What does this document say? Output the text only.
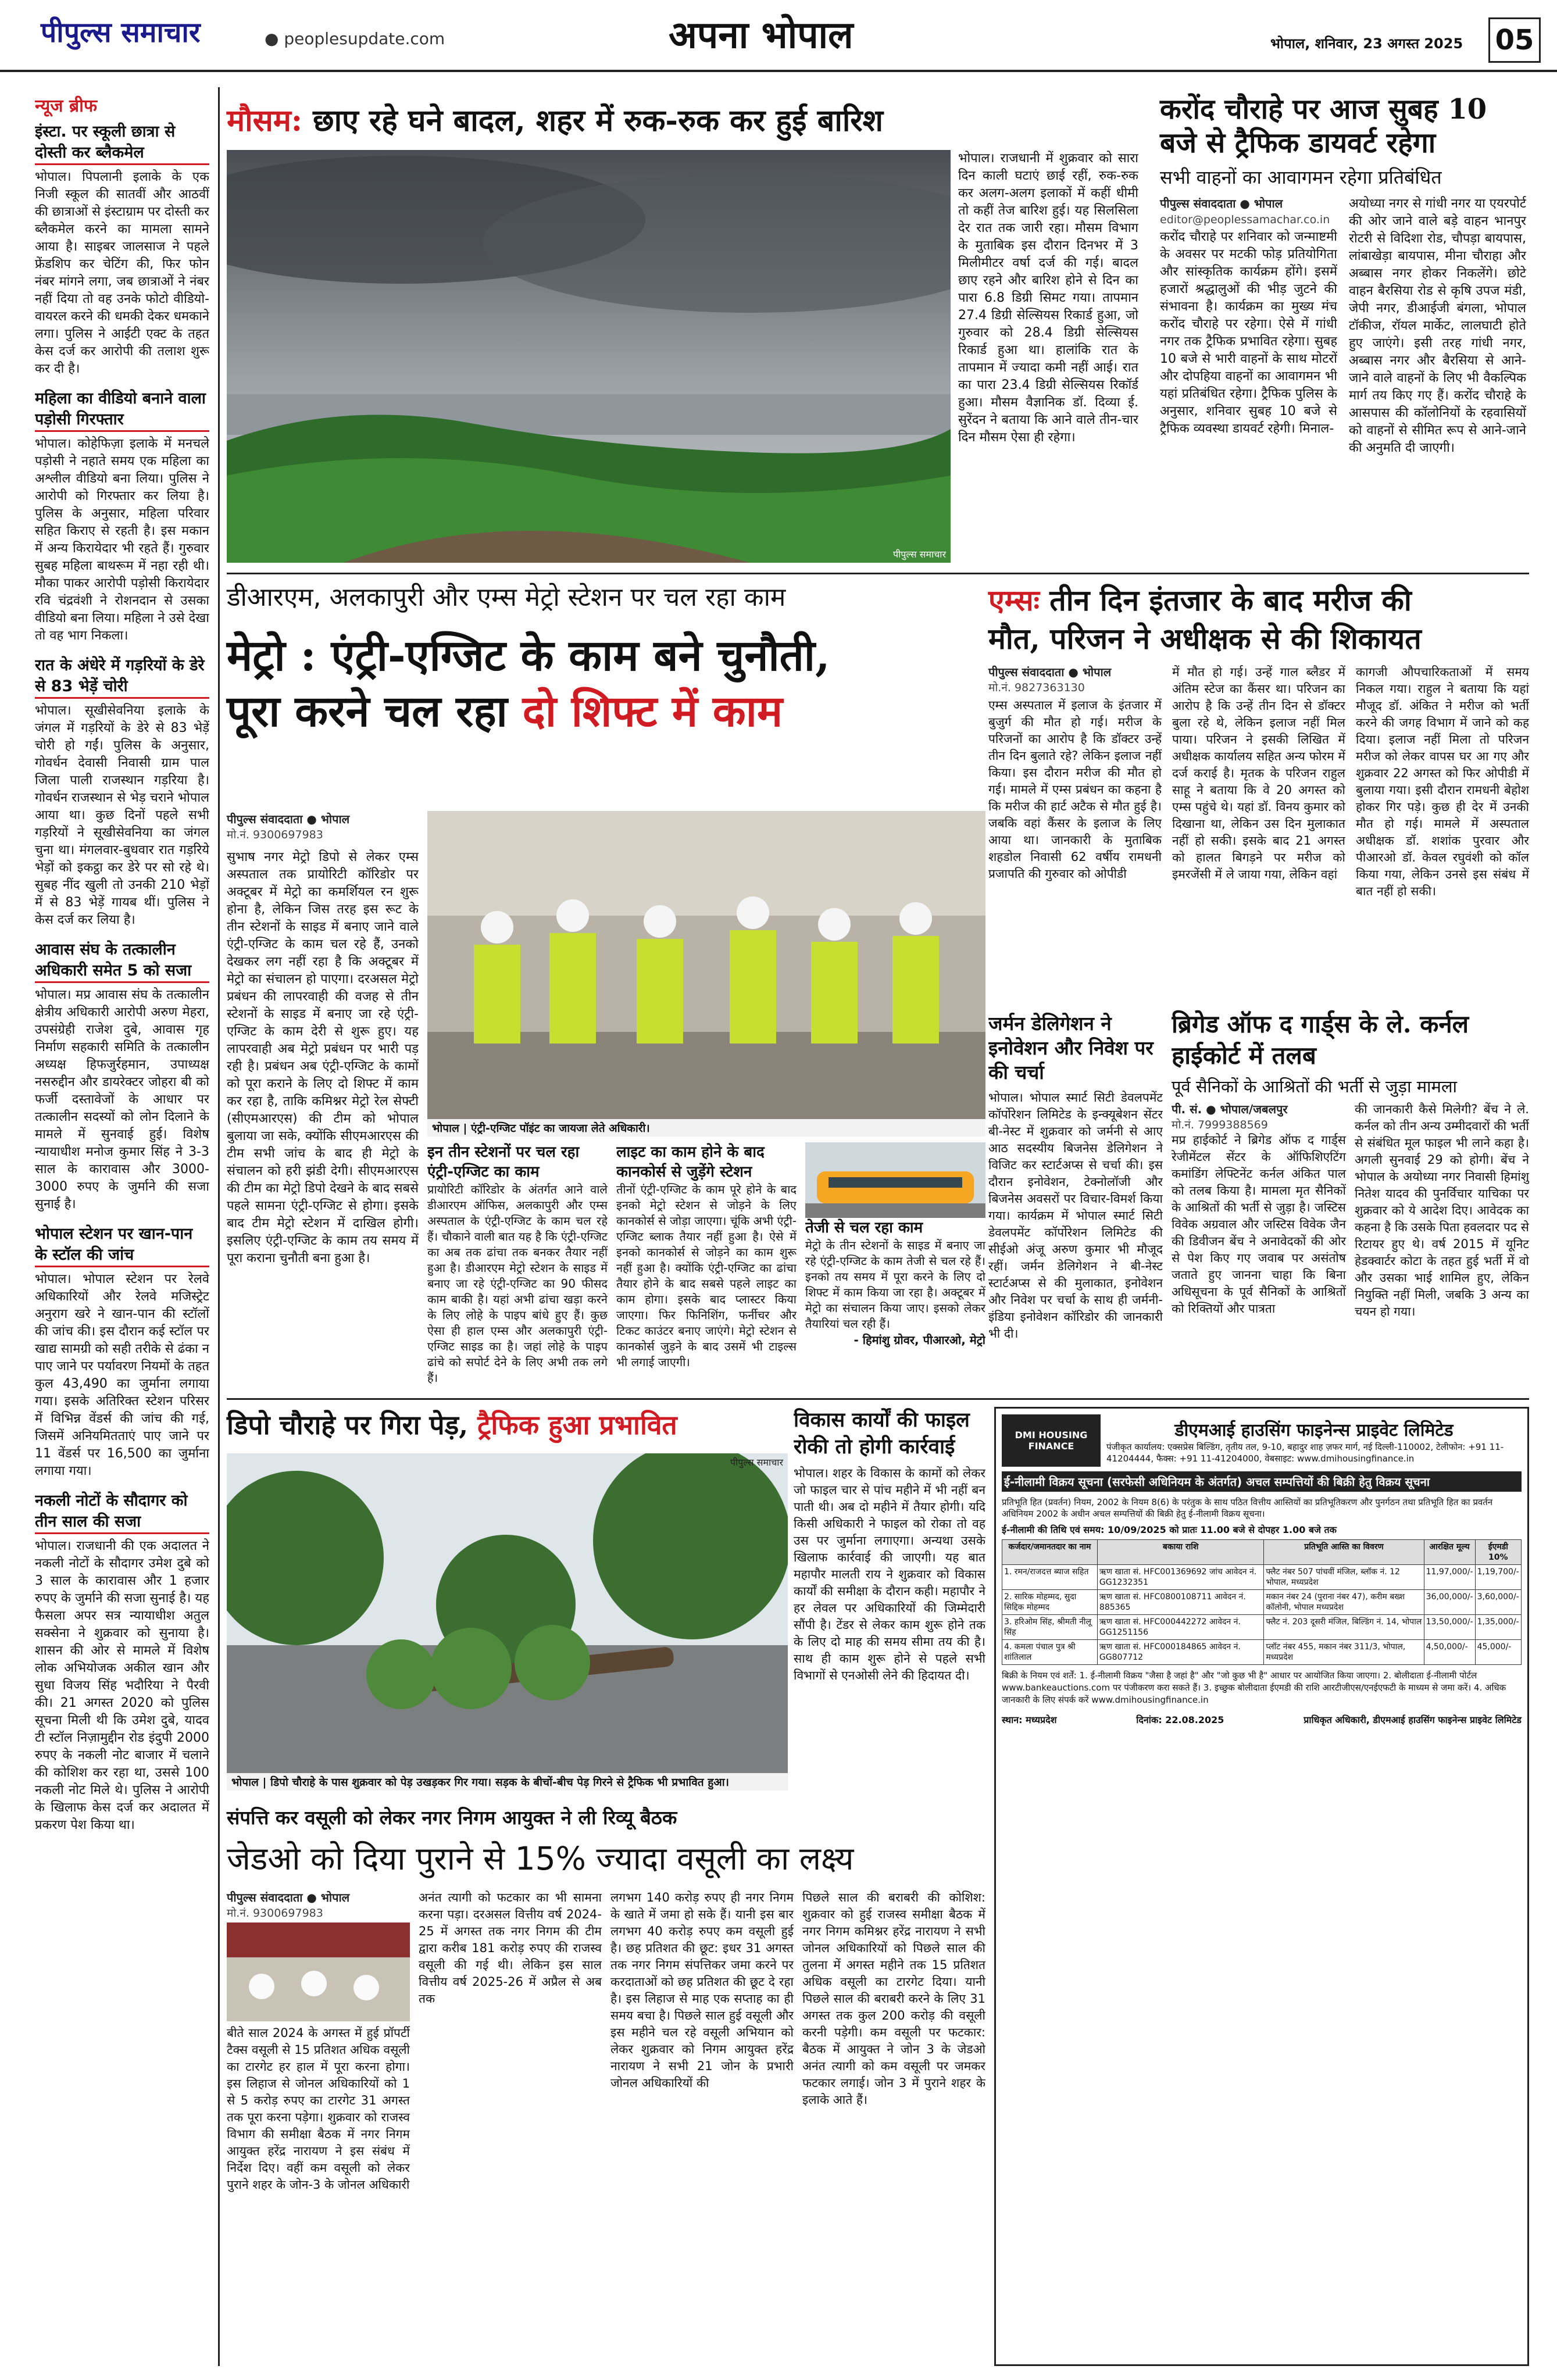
पीपुल्स समाचार	● peoplesupdate.com	अपना भोपाल	भोपाल, शनिवार, 23 अगस्त 2025 05
न्यूज ब्रीफ
इंस्टा. पर स्कूली छात्रा से दोस्ती कर ब्लैकमेल

भोपाल। पिपलानी इलाके के एक निजी स्कूल की सातवीं और आठवीं की छात्राओं से इंस्टाग्राम पर दोस्ती कर ब्लैकमेल करने का मामला सामने आया है। साइबर जालसाज ने पहले फ्रेंडशिप कर चेटिंग की, फिर फोन नंबर मांगने लगा, जब छात्राओं ने नंबर नहीं दिया तो वह उनके फोटो वीडियो-वायरल करने की धमकी देकर धमकाने लगा। पुलिस ने आईटी एक्ट के तहत केस दर्ज कर आरोपी की तलाश शुरू कर दी है।

महिला का वीडियो बनाने वाला पड़ोसी गिरफ्तार

भोपाल। कोहेफिज़ा इलाके में मनचले पड़ोसी ने नहाते समय एक महिला का अश्लील वीडियो बना लिया। पुलिस ने आरोपी को गिरफ्तार कर लिया है। पुलिस के अनुसार, महिला परिवार सहित किराए से रहती है। इस मकान में अन्य किरायेदार भी रहते हैं। गुरुवार सुबह महिला बाथरूम में नहा रही थी। मौका पाकर आरोपी पड़ोसी किरायेदार रवि चंद्रवंशी ने रोशनदान से उसका वीडियो बना लिया। महिला ने उसे देखा तो वह भाग निकला।

रात के अंधेरे में गड़रियों के डेरे से 83 भेड़ें चोरी

भोपाल। सूखीसेवनिया इलाके के जंगल में गड़रियों के डेरे से 83 भेड़ें चोरी हो गईं। पुलिस के अनुसार, गोवर्धन देवासी निवासी ग्राम पाल जिला पाली राजस्थान गड़रिया है। गोवर्धन राजस्थान से भेड़ चराने भोपाल आया था। कुछ दिनों पहले सभी गड़रियों ने सूखीसेवनिया का जंगल चुना था। मंगलवार-बुधवार रात गड़रिये भेड़ों को इकट्ठा कर डेरे पर सो रहे थे। सुबह नींद खुली तो उनकी 210 भेड़ों में से 83 भेड़ें गायब थीं। पुलिस ने केस दर्ज कर लिया है।

आवास संघ के तत्कालीन अधिकारी समेत 5 को सजा

भोपाल। मप्र आवास संघ के तत्कालीन क्षेत्रीय अधिकारी आरोपी अरुण मेहरा, उपसंग्रेही राजेश दुबे, आवास गृह निर्माण सहकारी समिति के तत्कालीन अध्यक्ष हिफजुर्रहमान, उपाध्यक्ष नसरुद्दीन और डायरेक्टर जोहरा बी को फर्जी दस्तावेजों के आधार पर तत्कालीन सदस्यों को लोन दिलाने के मामले में सुनवाई हुई। विशेष न्यायाधीश मनोज कुमार सिंह ने 3-3 साल के कारावास और 3000-3000 रुपए के जुर्माने की सजा सुनाई है।

भोपाल स्टेशन पर खान-पान के स्टॉल की जांच

भोपाल। भोपाल स्टेशन पर रेलवे अधिकारियों और रेलवे मजिस्ट्रेट अनुराग खरे ने खान-पान की स्टॉलों की जांच की। इस दौरान कई स्टॉल पर खाद्य सामग्री को सही तरीके से ढंका न पाए जाने पर पर्यावरण नियमों के तहत कुल 43,490 का जुर्माना लगाया गया। इसके अतिरिक्त स्टेशन परिसर में विभिन्न वेंडर्स की जांच की गई, जिसमें अनियमितताएं पाए जाने पर 11 वेंडर्स पर 16,500 का जुर्माना लगाया गया।

नकली नोटों के सौदागर को तीन साल की सजा

भोपाल। राजधानी की एक अदालत ने नकली नोटों के सौदागर उमेश दुबे को 3 साल के कारावास और 1 हजार रुपए के जुर्माने की सजा सुनाई है। यह फैसला अपर सत्र न्यायाधीश अतुल सक्सेना ने शुक्रवार को सुनाया है। शासन की ओर से मामले में विशेष लोक अभियोजक अकील खान और सुधा विजय सिंह भदौरिया ने पैरवी की। 21 अगस्त 2020 को पुलिस सूचना मिली थी कि उमेश दुबे, यादव टी स्टॉल निज़ामुद्दीन रोड इंदुपी 2000 रुपए के नकली नोट बाजार में चलाने की कोशिश कर रहा था, उससे 100 नकली नोट मिले थे। पुलिस ने आरोपी के खिलाफ केस दर्ज कर अदालत में प्रकरण पेश किया था।

मौसम: छाए रहे घने बादल, शहर में रुक-रुक कर हुई बारिश
पीपुल्स समाचार

भोपाल। राजधानी में शुक्रवार को सारा दिन काली घटाएं छाई रहीं, रुक-रुक कर अलग-अलग इलाकों में कहीं धीमी तो कहीं तेज बारिश हुई। यह सिलसिला देर रात तक जारी रहा। मौसम विभाग के मुताबिक इस दौरान दिनभर में 3 मिलीमीटर वर्षा दर्ज की गई। बादल छाए रहने और बारिश होने से दिन का पारा 6.8 डिग्री सिमट गया। तापमान 27.4 डिग्री सेल्सियस रिकार्ड हुआ, जो गुरुवार को 28.4 डिग्री सेल्सियस रिकार्ड हुआ था। हालांकि रात के तापमान में ज्यादा कमी नहीं आई। रात का पारा 23.4 डिग्री सेल्सियस रिकॉर्ड हुआ। मौसम वैज्ञानिक डॉ. दिव्या ई. सुरेंदन ने बताया कि आने वाले तीन-चार दिन मौसम ऐसा ही रहेगा।

करोंद चौराहे पर आज सुबह 10 बजे से ट्रैफिक डायवर्ट रहेगा
सभी वाहनों का आवागमन रहेगा प्रतिबंधित
पीपुल्स संवाददाता ● भोपाल
editor@peoplessamachar.co.in

करोंद चौराहे पर शनिवार को जन्माष्टमी के अवसर पर मटकी फोड़ प्रतियोगिता और सांस्कृतिक कार्यक्रम होंगे। इसमें हजारों श्रद्धालुओं की भीड़ जुटने की संभावना है। कार्यक्रम का मुख्य मंच करोंद चौराहे पर रहेगा। ऐसे में गांधी नगर तक ट्रैफिक प्रभावित रहेगा। सुबह 10 बजे से भारी वाहनों के साथ मोटरों और दोपहिया वाहनों का आवागमन भी यहां प्रतिबंधित रहेगा। ट्रैफिक पुलिस के अनुसार, शनिवार सुबह 10 बजे से ट्रैफिक व्यवस्था डायवर्ट रहेगी। मिनाल-

अयोध्या नगर से गांधी नगर या एयरपोर्ट की ओर जाने वाले बड़े वाहन भानपुर रोटरी से विदिशा रोड, चौपड़ा बायपास, लांबाखेड़ा बायपास, मीना चौराहा और अब्बास नगर होकर निकलेंगे। छोटे वाहन बैरसिया रोड से कृषि उपज मंडी, जेपी नगर, डीआईजी बंगला, भोपाल टॉकीज, रॉयल मार्केट, लालघाटी होते हुए जाएंगे। इसी तरह गांधी नगर, अब्बास नगर और बैरसिया से आने-जाने वाले वाहनों के लिए भी वैकल्पिक मार्ग तय किए गए हैं। करोंद चौराहे के आसपास की कॉलोनियों के रहवासियों को वाहनों से सीमित रूप से आने-जाने की अनुमति दी जाएगी।

डीआरएम, अलकापुरी और एम्स मेट्रो स्टेशन पर चल रहा काम
मेट्रो : एंट्री-एग्जिट के काम बने चुनौती,
पूरा करने चल रहा दो शिफ्ट में काम
पीपुल्स संवाददाता ● भोपाल
मो.नं. 9300697983

सुभाष नगर मेट्रो डिपो से लेकर एम्स अस्पताल तक प्रायोरिटी कॉरिडोर पर अक्टूबर में मेट्रो का कमर्शियल रन शुरू होना है, लेकिन जिस तरह इस रूट के तीन स्टेशनों के साइड में बनाए जाने वाले एंट्री-एग्जिट के काम चल रहे हैं, उनको देखकर लग नहीं रहा है कि अक्टूबर में मेट्रो का संचालन हो पाएगा। दरअसल मेट्रो प्रबंधन की लापरवाही की वजह से तीन स्टेशनों के साइड में बनाए जा रहे एंट्री-एग्जिट के काम देरी से शुरू हुए। यह लापरवाही अब मेट्रो प्रबंधन पर भारी पड़ रही है। प्रबंधन अब एंट्री-एग्जिट के कामों को पूरा कराने के लिए दो शिफ्ट में काम कर रहा है, ताकि कमिश्नर मेट्रो रेल सेफ्टी (सीएमआरएस) की टीम को भोपाल बुलाया जा सके, क्योंकि सीएमआरएस की टीम सभी जांच के बाद ही मेट्रो के संचालन को हरी झंडी देगी। सीएमआरएस की टीम का मेट्रो डिपो देखने के बाद सबसे पहले सामना एंट्री-एग्जिट से होगा। इसके बाद टीम मेट्रो स्टेशन में दाखिल होगी। इसलिए एंट्री-एग्जिट के काम तय समय में पूरा कराना चुनौती बना हुआ है।

भोपाल | एंट्री-एग्जिट पॉइंट का जायजा लेते अधिकारी।
इन तीन स्टेशनों पर चल रहा एंट्री-एग्जिट का काम

प्रायोरिटी कॉरिडोर के अंतर्गत आने वाले डीआरएम ऑफिस, अलकापुरी और एम्स अस्पताल के एंट्री-एग्जिट के काम चल रहे हैं। चौकाने वाली बात यह है कि एंट्री-एग्जिट का अब तक ढांचा तक बनकर तैयार नहीं हुआ है। डीआरएम मेट्रो स्टेशन के साइड में बनाए जा रहे एंट्री-एग्जिट का 90 फीसद काम बाकी है। यहां अभी ढांचा खड़ा करने के लिए लोहे के पाइप बांधे हुए हैं। कुछ ऐसा ही हाल एम्स और अलकापुरी एंट्री-एग्जिट साइड का है। जहां लोहे के पाइप ढांचे को सपोर्ट देने के लिए अभी तक लगे हैं।

लाइट का काम होने के बाद कानकोर्स से जुड़ेंगे स्टेशन

तीनों एंट्री-एग्जिट के काम पूरे होने के बाद इनको मेट्रो स्टेशन से जोड़ने के लिए कानकोर्स से जोड़ा जाएगा। चूंकि अभी एंट्री-एग्जिट ब्लाक तैयार नहीं हुआ है। ऐसे में इनको कानकोर्स से जोड़ने का काम शुरू नहीं हुआ है। क्योंकि एंट्री-एग्जिट का ढांचा तैयार होने के बाद सबसे पहले लाइट का काम होगा। इसके बाद प्लास्टर किया जाएगा। फिर फिनिशिंग, फर्नीचर और टिकट काउंटर बनाए जाएंगे। मेट्रो स्टेशन से कानकोर्स जुड़ने के बाद उसमें भी टाइल्स भी लगाई जाएगी।

तेजी से चल रहा काम

मेट्रो के तीन स्टेशनों के साइड में बनाए जा रहे एंट्री-एग्जिट के काम तेजी से चल रहे हैं। इनको तय समय में पूरा करने के लिए दो शिफ्ट में काम किया जा रहा है। अक्टूबर में मेट्रो का संचालन किया जाए। इसको लेकर तैयारियां चल रही हैं।

- हिमांशु ग्रोवर, पीआरओ, मेट्रो
एम्सः तीन दिन इंतजार के बाद मरीज की
मौत, परिजन ने अधीक्षक से की शिकायत
पीपुल्स संवाददाता ● भोपाल
मो.नं. 9827363130

एम्स अस्पताल में इलाज के इंतजार में बुजुर्ग की मौत हो गई। मरीज के परिजनों का आरोप है कि डॉक्टर उन्हें तीन दिन बुलाते रहे? लेकिन इलाज नहीं किया। इस दौरान मरीज की मौत हो गई। मामले में एम्स प्रबंधन का कहना है कि मरीज की हार्ट अटैक से मौत हुई है। जबकि वहां कैंसर के इलाज के लिए आया था। जानकारी के मुताबिक शहडोल निवासी 62 वर्षीय रामधनी प्रजापति की गुरुवार को ओपीडी

में मौत हो गई। उन्हें गाल ब्लैडर में अंतिम स्टेज का कैंसर था। परिजन का आरोप है कि उन्हें तीन दिन से डॉक्टर बुला रहे थे, लेकिन इलाज नहीं मिल पाया। परिजन ने इसकी लिखित में अधीक्षक कार्यालय सहित अन्य फोरम में दर्ज कराई है। मृतक के परिजन राहुल साहू ने बताया कि वे 20 अगस्त को एम्स पहुंचे थे। यहां डॉ. विनय कुमार को दिखाना था, लेकिन उस दिन मुलाकात नहीं हो सकी। इसके बाद 21 अगस्त को हालत बिगड़ने पर मरीज को इमरजेंसी में ले जाया गया, लेकिन वहां

कागजी औपचारिकताओं में समय निकल गया। राहुल ने बताया कि यहां मौजूद डॉ. अंकित ने मरीज को भर्ती करने की जगह विभाग में जाने को कह दिया। इलाज नहीं मिला तो परिजन मरीज को लेकर वापस घर आ गए और शुक्रवार 22 अगस्त को फिर ओपीडी में बुलाया गया। इसी दौरान रामधनी बेहोश होकर गिर पड़े। कुछ ही देर में उनकी मौत हो गई। मामले में अस्पताल अधीक्षक डॉ. शशांक पुरवार और पीआरओ डॉ. केवल रघुवंशी को कॉल किया गया, लेकिन उनसे इस संबंध में बात नहीं हो सकी।

जर्मन डेलिगेशन ने इनोवेशन और निवेश पर की चर्चा

भोपाल। भोपाल स्मार्ट सिटी डेवलपमेंट कॉर्पोरेशन लिमिटेड के इन्क्यूबेशन सेंटर बी-नेस्ट में शुक्रवार को जर्मनी से आए आठ सदस्यीय बिजनेस डेलिगेशन ने विजिट कर स्टार्टअप्स से चर्चा की। इस दौरान इनोवेशन, टेक्नोलॉजी और बिजनेस अवसरों पर विचार-विमर्श किया गया। कार्यक्रम में भोपाल स्मार्ट सिटी डेवलपमेंट कॉर्पोरेशन लिमिटेड की सीईओ अंजू अरुण कुमार भी मौजूद रहीं। जर्मन डेलिगेशन ने बी-नेस्ट स्टार्टअप्स से की मुलाकात, इनोवेशन और निवेश पर चर्चा के साथ ही जर्मनी-इंडिया इनोवेशन कॉरिडोर की जानकारी भी दी।

ब्रिगेड ऑफ द गार्ड्स के ले. कर्नल हाईकोर्ट में तलब
पूर्व सैनिकों के आश्रितों की भर्ती से जुड़ा मामला
पी. सं. ● भोपाल/जबलपुर
मो.नं. 7999388569

मप्र हाईकोर्ट ने ब्रिगेड ऑफ द गार्ड्स रेजीमेंटल सेंटर के ऑफिशिएटिंग कमांडिंग लेफ्टिनेंट कर्नल अंकित पाल को तलब किया है। मामला मृत सैनिकों के आश्रितों की भर्ती से जुड़ा है। जस्टिस विवेक अग्रवाल और जस्टिस विवेक जैन की डिवीजन बेंच ने अनावेदकों की ओर से पेश किए गए जवाब पर असंतोष जताते हुए जानना चाहा कि बिना अधिसूचना के पूर्व सैनिकों के आश्रितों को रिक्तियों और पात्रता

की जानकारी कैसे मिलेगी? बेंच ने ले. कर्नल को तीन अन्य उम्मीदवारों की भर्ती से संबंधित मूल फाइल भी लाने कहा है। अगली सुनवाई 29 को होगी। बेंच ने भोपाल के अयोध्या नगर निवासी हिमांशु नितेश यादव की पुनर्विचार याचिका पर शुक्रवार को ये आदेश दिए। आवेदक का कहना है कि उसके पिता हवलदार पद से रिटायर हुए थे। वर्ष 2015 में यूनिट हेडक्वार्टर कोटा के तहत हुई भर्ती में वो और उसका भाई शामिल हुए, लेकिन नियुक्ति नहीं मिली, जबकि 3 अन्य का चयन हो गया।

डिपो चौराहे पर गिरा पेड़, ट्रैफिक हुआ प्रभावित
पीपुल्स समाचार
भोपाल | डिपो चौराहे के पास शुक्रवार को पेड़ उखड़कर गिर गया। सड़क के बीचों-बीच पेड़ गिरने से ट्रैफिक भी प्रभावित हुआ।
विकास कार्यों की फाइल रोकी तो होगी कार्रवाई

भोपाल। शहर के विकास के कामों को लेकर जो फाइल चार से पांच महीने में भी नहीं बन पाती थी। अब दो महीने में तैयार होगी। यदि किसी अधिकारी ने फाइल को रोका तो वह उस पर जुर्माना लगाएगा। अन्यथा उसके खिलाफ कार्रवाई की जाएगी। यह बात महापौर मालती राय ने शुक्रवार को विकास कार्यों की समीक्षा के दौरान कही। महापौर ने हर लेवल पर अधिकारियों की जिम्मेदारी सौंपी है। टेंडर से लेकर काम शुरू होने तक के लिए दो माह की समय सीमा तय की है। साथ ही काम शुरू होने से पहले सभी विभागों से एनओसी लेने की हिदायत दी।

संपत्ति कर वसूली को लेकर नगर निगम आयुक्त ने ली रिव्यू बैठक
जेडओ को दिया पुराने से 15% ज्यादा वसूली का लक्ष्य
पीपुल्स संवाददाता ● भोपाल
मो.नं. 9300697983

बीते साल 2024 के अगस्त में हुई प्रॉपर्टी टैक्स वसूली से 15 प्रतिशत अधिक वसूली का टारगेट हर हाल में पूरा करना होगा। इस लिहाज से जोनल अधिकारियों को 1 से 5 करोड़ रुपए का टारगेट 31 अगस्त तक पूरा करना पड़ेगा। शुक्रवार को राजस्व विभाग की समीक्षा बैठक में नगर निगम आयुक्त हरेंद्र नारायण ने इस संबंध में निर्देश दिए। वहीं कम वसूली को लेकर पुराने शहर के जोन-3 के जोनल अधिकारी

अनंत त्यागी को फटकार का भी सामना करना पड़ा। दरअसल वित्तीय वर्ष 2024-25 में अगस्त तक नगर निगम की टीम द्वारा करीब 181 करोड़ रुपए की राजस्व वसूली की गई थी। लेकिन इस साल वित्तीय वर्ष 2025-26 में अप्रैल से अब तक

लगभग 140 करोड़ रुपए ही नगर निगम के खाते में जमा हो सके हैं। यानी इस बार लगभग 40 करोड़ रुपए कम वसूली हुई है। छह प्रतिशत की छूट: इधर 31 अगस्त तक नगर निगम संपत्तिकर जमा करने पर करदाताओं को छह प्रतिशत की छूट दे रहा है। इस लिहाज से माह एक सप्ताह का ही समय बचा है। पिछले साल हुई वसूली और इस महीने चल रहे वसूली अभियान को लेकर शुक्रवार को निगम आयुक्त हरेंद्र नारायण ने सभी 21 जोन के प्रभारी जोनल अधिकारियों की

पिछले साल की बराबरी की कोशिश: शुक्रवार को हुई राजस्व समीक्षा बैठक में नगर निगम कमिश्नर हरेंद्र नारायण ने सभी जोनल अधिकारियों को पिछले साल की तुलना में अगस्त महीने तक 15 प्रतिशत अधिक वसूली का टारगेट दिया। यानी पिछले साल की बराबरी करने के लिए 31 अगस्त तक कुल 200 करोड़ की वसूली करनी पड़ेगी। कम वसूली पर फटकार: बैठक में आयुक्त ने जोन 3 के जेडओ अनंत त्यागी को कम वसूली पर जमकर फटकार लगाई। जोन 3 में पुराने शहर के इलाके आते हैं।

DMI HOUSING FINANCE
डीएमआई हाउसिंग फाइनेन्स प्राइवेट लिमिटेड
पंजीकृत कार्यालय: एक्सप्रेस बिल्डिंग, तृतीय तल, 9-10, बहादुर शाह ज़फर मार्ग, नई दिल्ली-110002, टेलीफोन: +91 11-41204444, फैक्स: +91 11-41204000, वेबसाइट: www.dmihousingfinance.in
ई-नीलामी विक्रय सूचना (सरफेसी अधिनियम के अंतर्गत) अचल सम्पत्तियों की बिक्री हेतु विक्रय सूचना
प्रतिभूति हित (प्रवर्तन) नियम, 2002 के नियम 8(6) के परंतुक के साथ पठित वित्तीय आस्तियों का प्रतिभूतिकरण और पुनर्गठन तथा प्रतिभूति हित का प्रवर्तन अधिनियम 2002 के अधीन अचल सम्पत्तियों की बिक्री हेतु ई-नीलामी विक्रय सूचना।
ई-नीलामी की तिथि एवं समय: 10/09/2025 को प्रातः 11.00 बजे से दोपहर 1.00 बजे तक
कर्जदार/जमानतदार का नाम	बकाया राशि	प्रतिभूति आस्ति का विवरण	आरक्षित मूल्य	ईएमडी 10%
1. रमन/राजदत्त ब्याज सहित	ऋण खाता सं. HFC001369692 जांच आवेदन नं. GG1232351	फ्लैट नंबर 507 पांचवीं मंजिल, ब्लॉक नं. 12 भोपाल, मध्यप्रदेश	11,97,000/-	1,19,700/-
2. सारिक मोहम्मद, सुदा सिद्दिक मोहम्मद	ऋण खाता सं. HFC0800108711 आवेदन नं. 885365	मकान नंबर 24 (पुराना नंबर 47), करीम बख्श कॉलोनी, भोपाल मध्यप्रदेश	36,00,000/-	3,60,000/-
3. हरिओम सिंह, श्रीमती नीलू सिंह	ऋण खाता सं. HFC000442272 आवेदन नं. GG1251156	फ्लैट नं. 203 दूसरी मंजिल, बिल्डिंग नं. 14, भोपाल	13,50,000/-	1,35,000/-
4. कमला पंचाल पुत्र श्री शांतिलाल	ऋण खाता सं. HFC000184865 आवेदन नं. GG807712	प्लॉट नंबर 455, मकान नंबर 311/3, भोपाल, मध्यप्रदेश	4,50,000/-	45,000/-
बिक्री के नियम एवं शर्तें: 1. ई-नीलामी विक्रय "जैसा है जहां है" और "जो कुछ भी है" आधार पर आयोजित किया जाएगा। 2. बोलीदाता ई-नीलामी पोर्टल www.bankeauctions.com पर पंजीकरण करा सकते हैं। 3. इच्छुक बोलीदाता ईएमडी की राशि आरटीजीएस/एनईएफटी के माध्यम से जमा करें। 4. अधिक जानकारी के लिए संपर्क करें www.dmihousingfinance.in
स्थान: मध्यप्रदेश	दिनांक: 22.08.2025	प्राधिकृत अधिकारी, डीएमआई हाउसिंग फाइनेन्स प्राइवेट लिमिटेड
